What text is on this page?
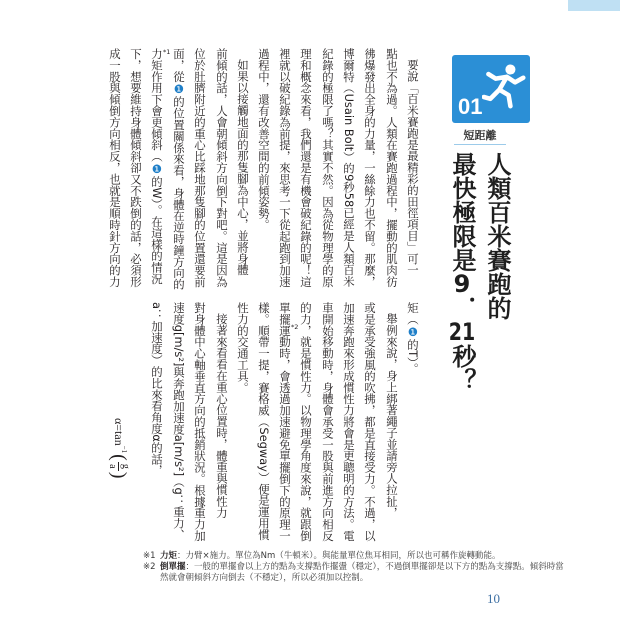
01
短距離
人類百米賽跑的
最快極限是9．21秒？
要說「百米賽跑是最精彩的田徑項目」可一
點也不為過。人類在賽跑過程中，擺動的肌肉彷
彿爆發出全身的力量，一絲餘力也不留。那麼，
博爾特（Usain Bolt）的9秒58已經是人類百米
紀錄的極限了嗎？其實不然。因為從物理學的原
理和概念來看，我們還是有機會破紀錄的呢！這
裡就以破紀錄為前提，來思考一下從起跑到加速
過程中，還有改善空間的前傾姿勢。
如果以接觸地面的那隻腳為中心，並將身體
前傾的話，人會朝傾斜方向倒下對吧。這是因為
位於肚臍附近的重心比踩地那隻腳的位置還要前
面，從❶的位置關係來看，身體在逆時鐘方向的
力矩作用下會更傾斜（❶的W）。在這樣的情況
下，想要維持身體傾斜卻又不跌倒的話，必須形
成一股與傾倒方向相反，也就是順時針方向的力	*1
矩（❶的T）。
舉例來說，身上綁著繩子並請旁人拉扯，
或是承受強風的吹拂，都是直接受力。不過，以
加速奔跑來形成慣性力將會是更聰明的方法。電
車開始移動時，身體會承受一股與前進方向相反
的力，就是慣性力。以物理學角度來說，就跟倒
單擺運動時，會透過加速避免單擺倒下的原理一
樣。順帶一提，賽格威（Segway）便是運用慣
性力的交通工具。
接著來看看在重心位置時，體重與慣性力
對身體中心軸垂直方向的抵銷狀況。根據重力加
速度g[m/s²]與奔跑加速度a[m/s²]（g：重力、
a：加速度）的比來看角度α的話，	*2
α=tan
−1
(
g
a
)
※1 力矩：力臂×施力。單位為Nm（牛頓米）。與能量單位焦耳相同，所以也可稱作旋轉動能。
※2 倒單擺：一般的單擺會以上方的點為支撐點作擺盪（穩定），不過倒單擺卻是以下方的點為支撐點。傾斜時當然就會朝傾斜方向倒去（不穩定），所以必須加以控制。
10
